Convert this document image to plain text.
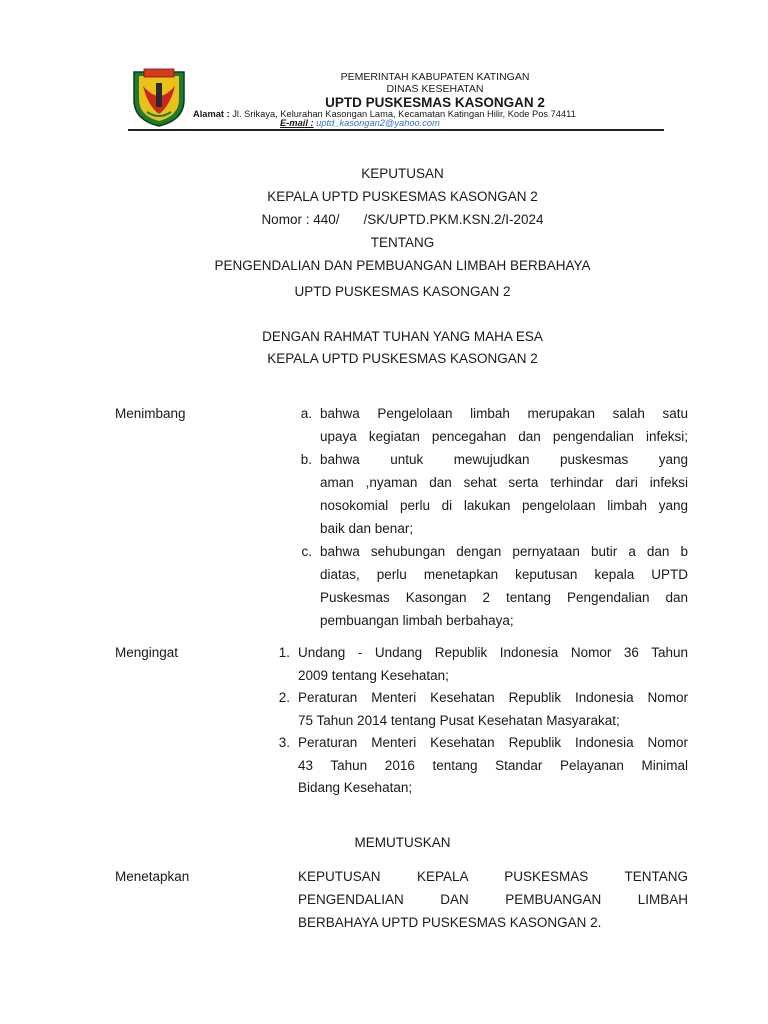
PEMERINTAH KABUPATEN KATINGAN
DINAS KESEHATAN
UPTD PUSKESMAS KASONGAN 2
Alamat : Jl. Srikaya, Kelurahan Kasongan Lama, Kecamatan Katingan Hilir, Kode Pos 74411
E-mail : uptd_kasongan2@yahoo.com
KEPUTUSAN
KEPALA UPTD PUSKESMAS KASONGAN 2
Nomor : 440/ /SK/UPTD.PKM.KSN.2/I-2024
TENTANG
PENGENDALIAN DAN PEMBUANGAN LIMBAH BERBAHAYA
UPTD PUSKESMAS KASONGAN 2
DENGAN RAHMAT TUHAN YANG MAHA ESA
KEPALA UPTD PUSKESMAS KASONGAN 2
Menimbang	a. bahwa Pengelolaan limbah merupakan salah satu
upaya kegiatan pencegahan dan pengendalian infeksi;
b. bahwa untuk mewujudkan puskesmas yang
aman ,nyaman dan sehat serta terhindar dari infeksi
nosokomial perlu di lakukan pengelolaan limbah yang
baik dan benar;
c. bahwa sehubungan dengan pernyataan butir a dan b
diatas, perlu menetapkan keputusan kepala UPTD
Puskesmas Kasongan 2 tentang Pengendalian dan
pembuangan limbah berbahaya;
Mengingat	1. Undang - Undang Republik Indonesia Nomor 36 Tahun
2009 tentang Kesehatan;
2. Peraturan Menteri Kesehatan Republik Indonesia Nomor
75 Tahun 2014 tentang Pusat Kesehatan Masyarakat;
3. Peraturan Menteri Kesehatan Republik Indonesia Nomor
43 Tahun 2016 tentang Standar Pelayanan Minimal
Bidang Kesehatan;
MEMUTUSKAN
Menetapkan	KEPUTUSAN KEPALA PUSKESMAS TENTANG
PENGENDALIAN DAN PEMBUANGAN LIMBAH
BERBAHAYA UPTD PUSKESMAS KASONGAN 2.
